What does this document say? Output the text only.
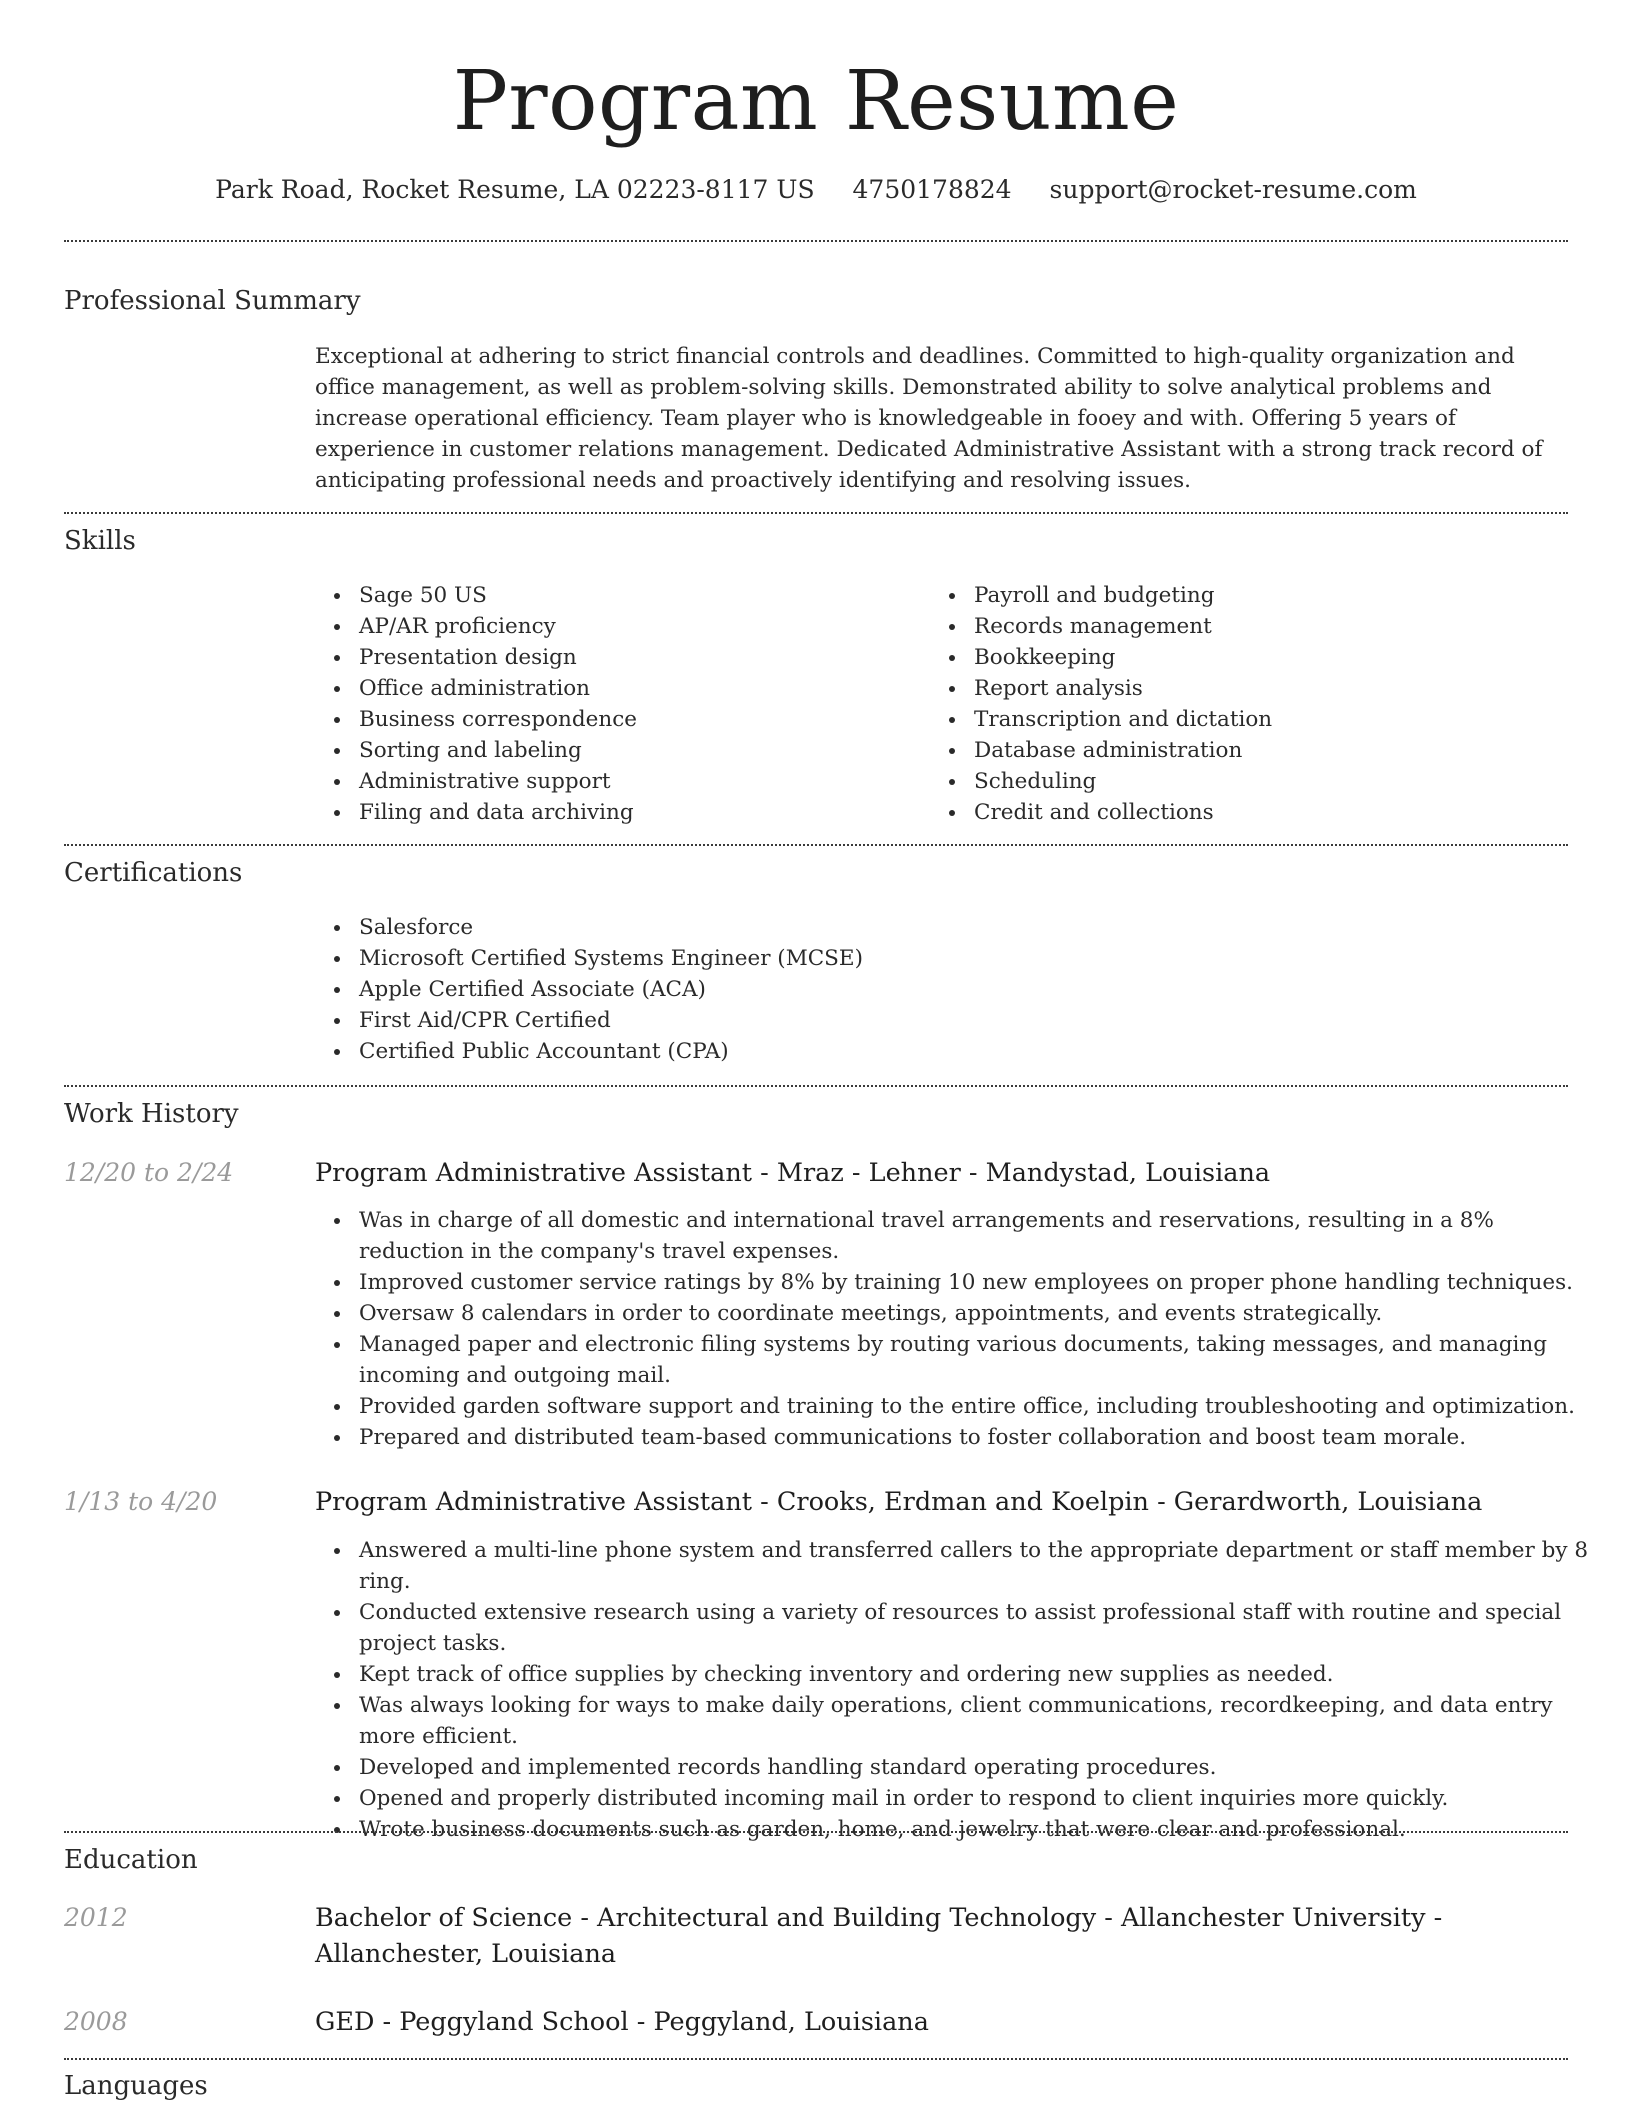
Program Resume
Park Road, Rocket Resume, LA 02223-8117 US 4750178824 support@rocket-resume.com
Professional Summary
Exceptional at adhering to strict financial controls and deadlines. Committed to high-quality organization and office management, as well as problem-solving skills. Demonstrated ability to solve analytical problems and increase operational efficiency. Team player who is knowledgeable in fooey and with. Offering 5 years of experience in customer relations management. Dedicated Administrative Assistant with a strong track record of anticipating professional needs and proactively identifying and resolving issues.
Skills
Sage 50 US
AP/AR proficiency
Presentation design
Office administration
Business correspondence
Sorting and labeling
Administrative support
Filing and data archiving
Payroll and budgeting
Records management
Bookkeeping
Report analysis
Transcription and dictation
Database administration
Scheduling
Credit and collections
Certifications
Salesforce
Microsoft Certified Systems Engineer (MCSE)
Apple Certified Associate (ACA)
First Aid/CPR Certified
Certified Public Accountant (CPA)
Work History
12/20 to 2/24	Program Administrative Assistant - Mraz - Lehner - Mandystad, Louisiana
Was in charge of all domestic and international travel arrangements and reservations, resulting in a 8% reduction in the company's travel expenses.
Improved customer service ratings by 8% by training 10 new employees on proper phone handling techniques.
Oversaw 8 calendars in order to coordinate meetings, appointments, and events strategically.
Managed paper and electronic filing systems by routing various documents, taking messages, and managing incoming and outgoing mail.
Provided garden software support and training to the entire office, including troubleshooting and optimization.
Prepared and distributed team-based communications to foster collaboration and boost team morale.
1/13 to 4/20	Program Administrative Assistant - Crooks, Erdman and Koelpin - Gerardworth, Louisiana
Answered a multi-line phone system and transferred callers to the appropriate department or staff member by 8 ring.
Conducted extensive research using a variety of resources to assist professional staff with routine and special project tasks.
Kept track of office supplies by checking inventory and ordering new supplies as needed.
Was always looking for ways to make daily operations, client communications, recordkeeping, and data entry more efficient.
Developed and implemented records handling standard operating procedures.
Opened and properly distributed incoming mail in order to respond to client inquiries more quickly.
Wrote business documents such as garden, home, and jewelry that were clear and professional.
Education
2012	Bachelor of Science - Architectural and Building Technology - Allanchester University - Allanchester, Louisiana
2008	GED - Peggyland School - Peggyland, Louisiana
Languages
